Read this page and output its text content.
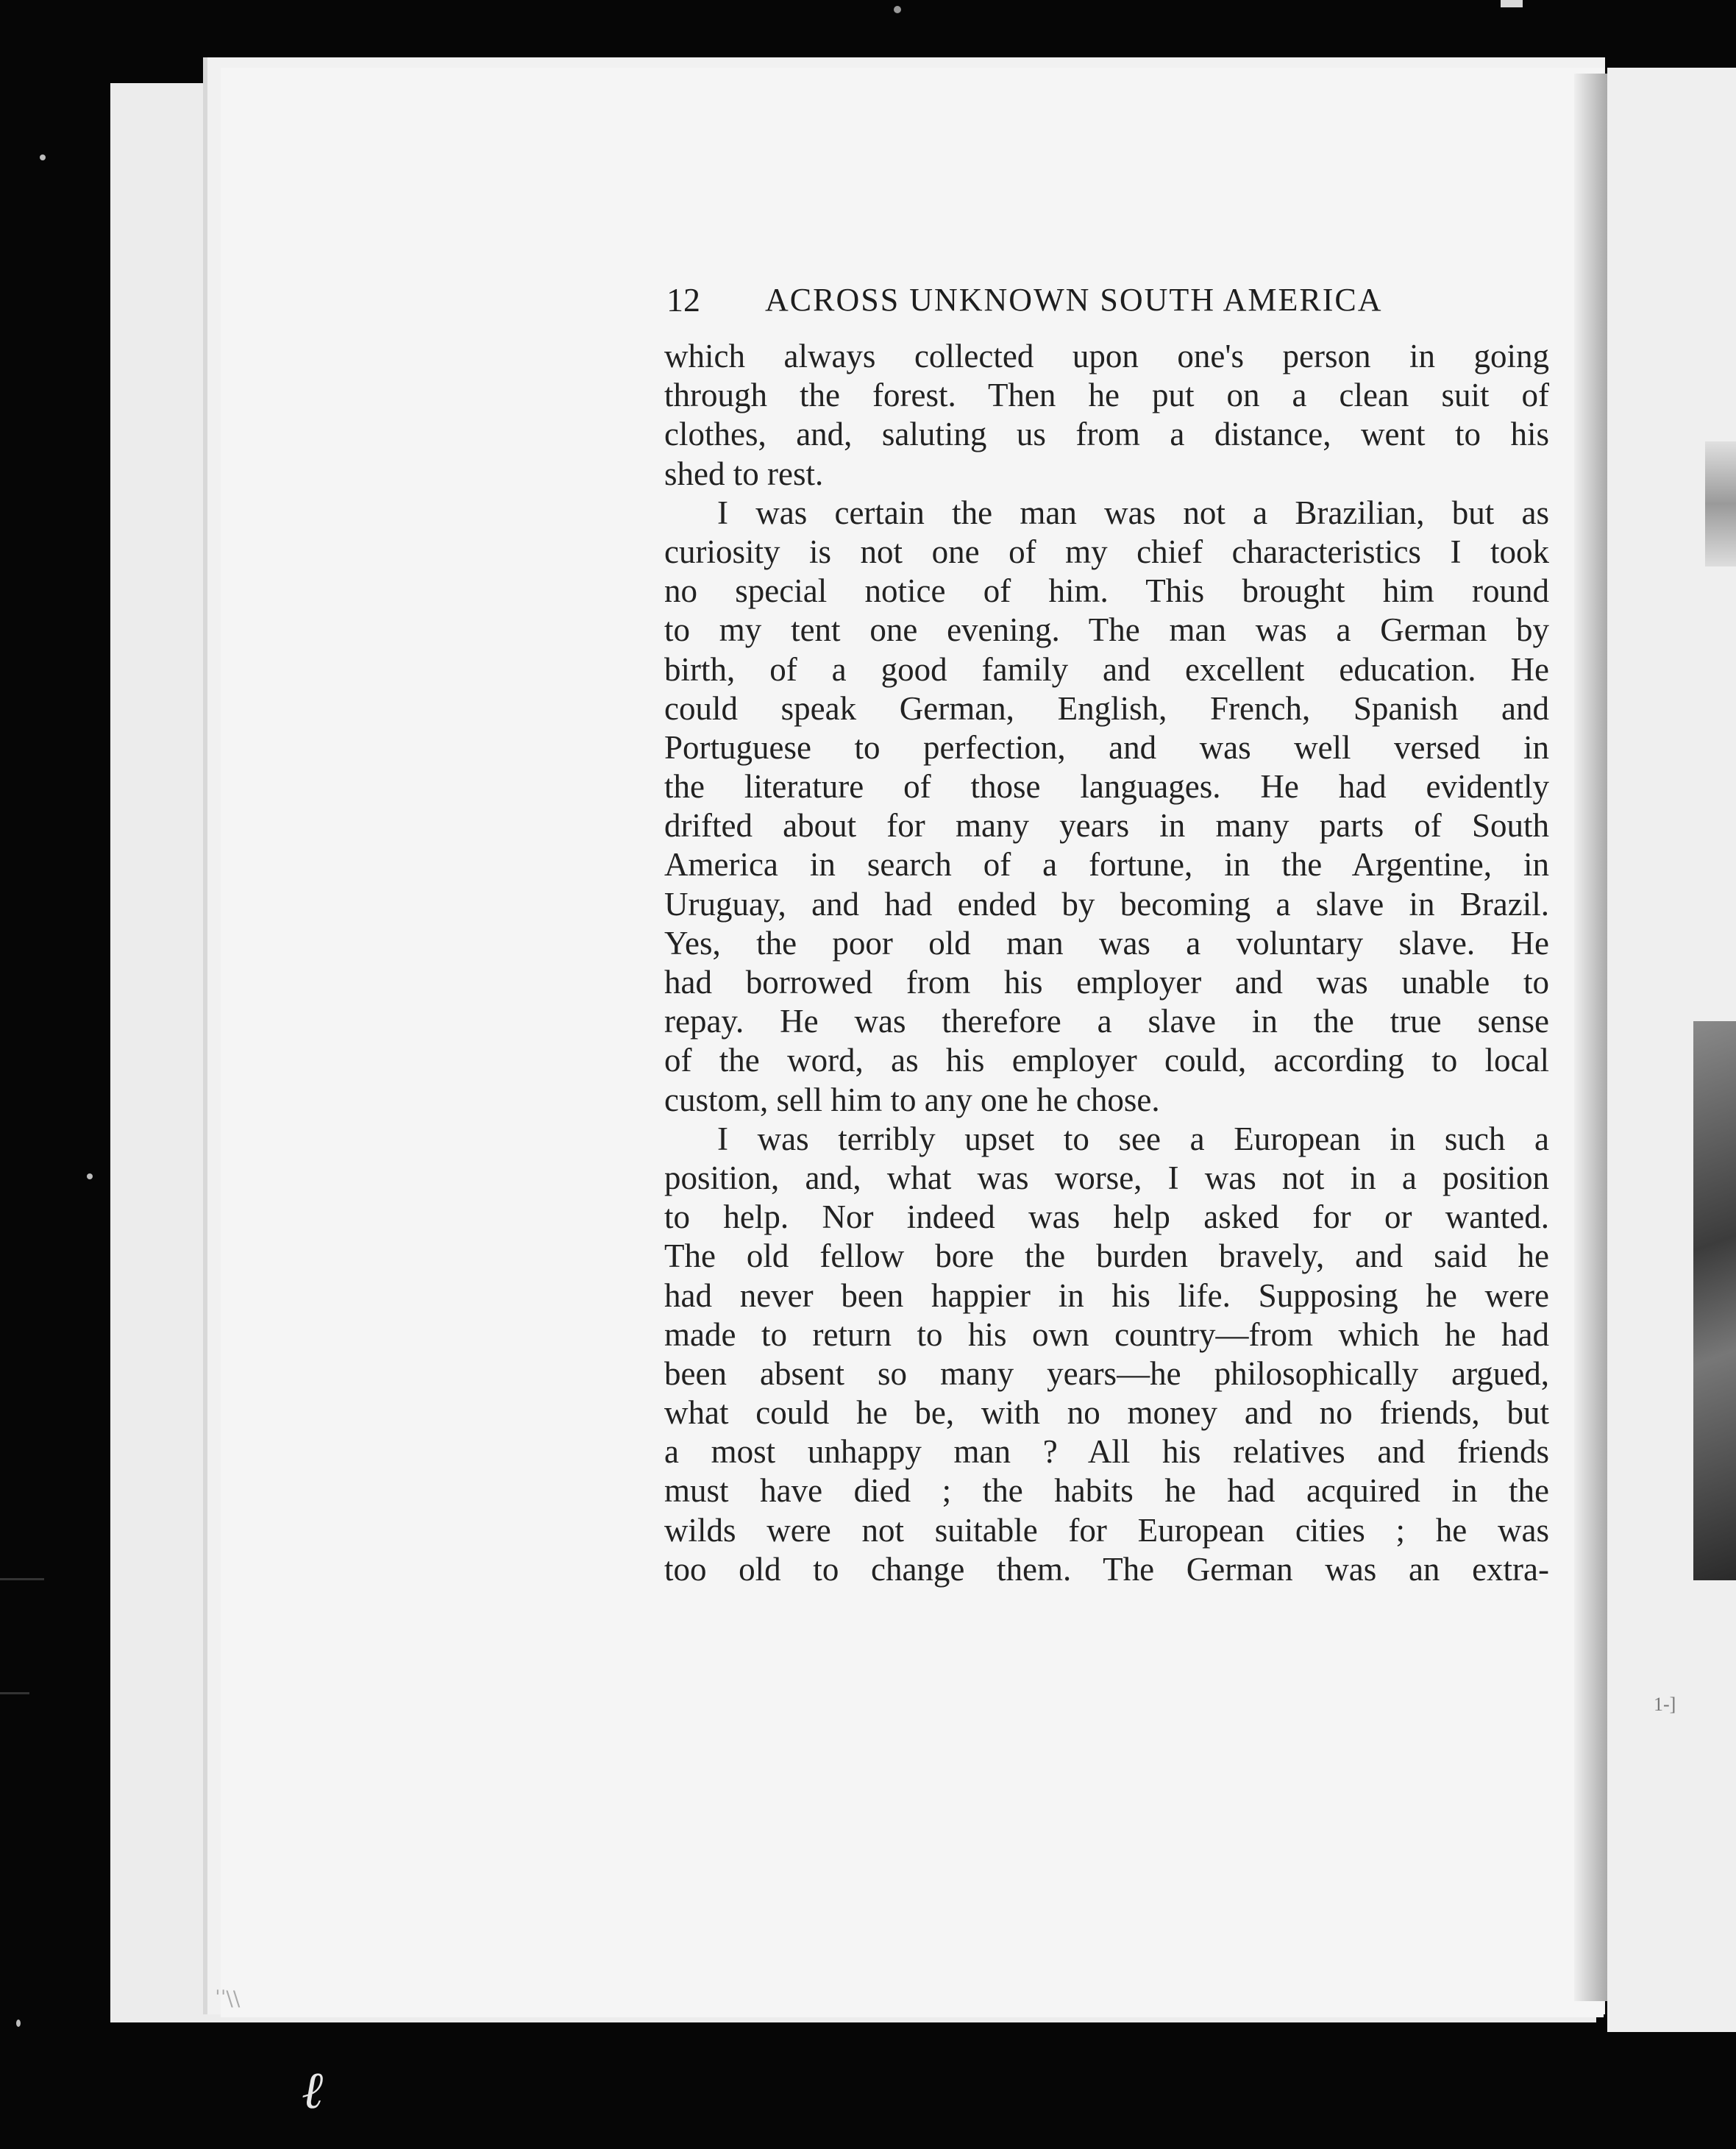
1-]
12 ACROSS UNKNOWN SOUTH AMERICA
which always collected upon one's person in going
through the forest. Then he put on a clean suit of
clothes, and, saluting us from a distance, went to his
shed to rest.
I was certain the man was not a Brazilian, but as
curiosity is not one of my chief characteristics I took
no special notice of him. This brought him round
to my tent one evening. The man was a German by
birth, of a good family and excellent education. He
could speak German, English, French, Spanish and
Portuguese to perfection, and was well versed in
the literature of those languages. He had evidently
drifted about for many years in many parts of South
America in search of a fortune, in the Argentine, in
Uruguay, and had ended by becoming a slave in Brazil.
Yes, the poor old man was a voluntary slave. He
had borrowed from his employer and was unable to
repay. He was therefore a slave in the true sense
of the word, as his employer could, according to local
custom, sell him to any one he chose.
I was terribly upset to see a European in such a
position, and, what was worse, I was not in a position
to help. Nor indeed was help asked for or wanted.
The old fellow bore the burden bravely, and said he
had never been happier in his life. Supposing he were
made to return to his own country—from which he had
been absent so many years—he philosophically argued,
what could he be, with no money and no friends, but
a most unhappy man ? All his relatives and friends
must have died ; the habits he had acquired in the
wilds were not suitable for European cities ; he was
too old to change them. The German was an extra-
ˈˈ\\
ℓ
